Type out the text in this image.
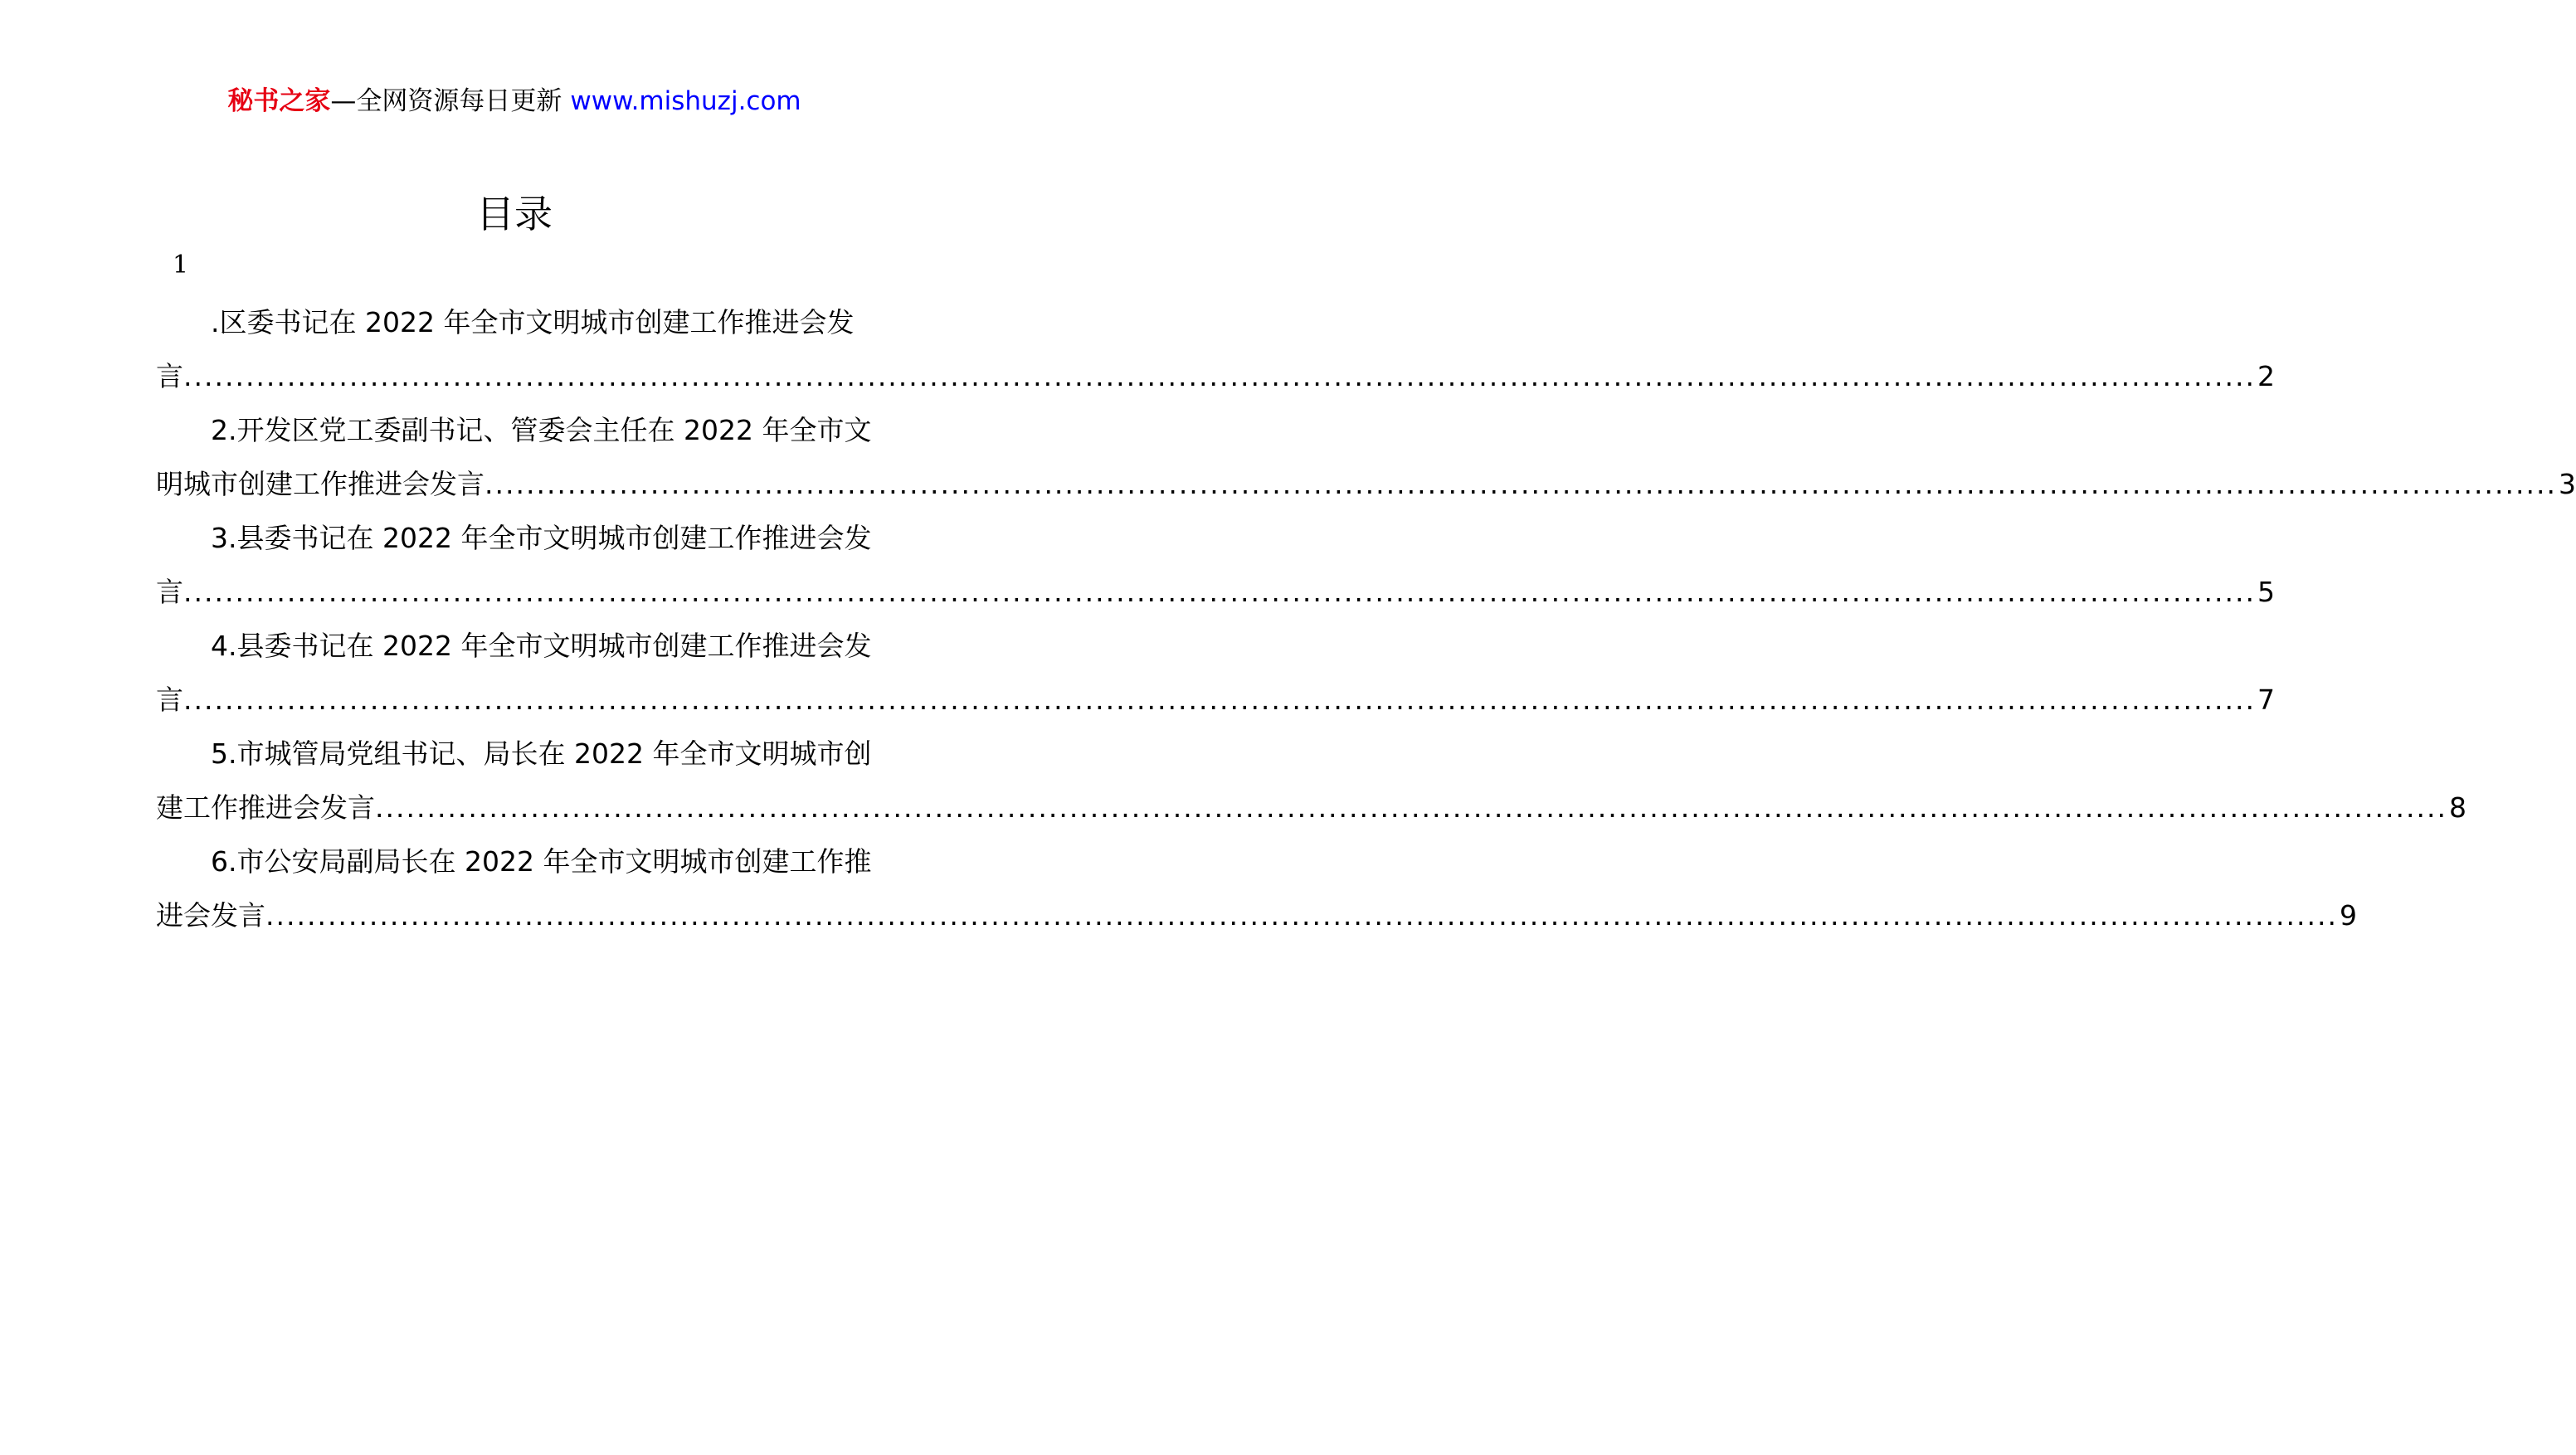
秘书之家—全网资源每日更新 www.mishuzj.com
目录
1
.区委书记在 2022 年全市文明城市创建工作推进会发
言 ........................................................................................................................................................................................................ 2
2.开发区党工委副书记、管委会主任在 2022 年全市文
明城市创建工作推进会发言 ........................................................................................................................................................................................................ 3
3.县委书记在 2022 年全市文明城市创建工作推进会发
言 ........................................................................................................................................................................................................ 5
4.县委书记在 2022 年全市文明城市创建工作推进会发
言 ........................................................................................................................................................................................................ 7
5.市城管局党组书记、局长在 2022 年全市文明城市创
建工作推进会发言 ........................................................................................................................................................................................................ 8
6.市公安局副局长在 2022 年全市文明城市创建工作推
进会发言 ........................................................................................................................................................................................................ 9
